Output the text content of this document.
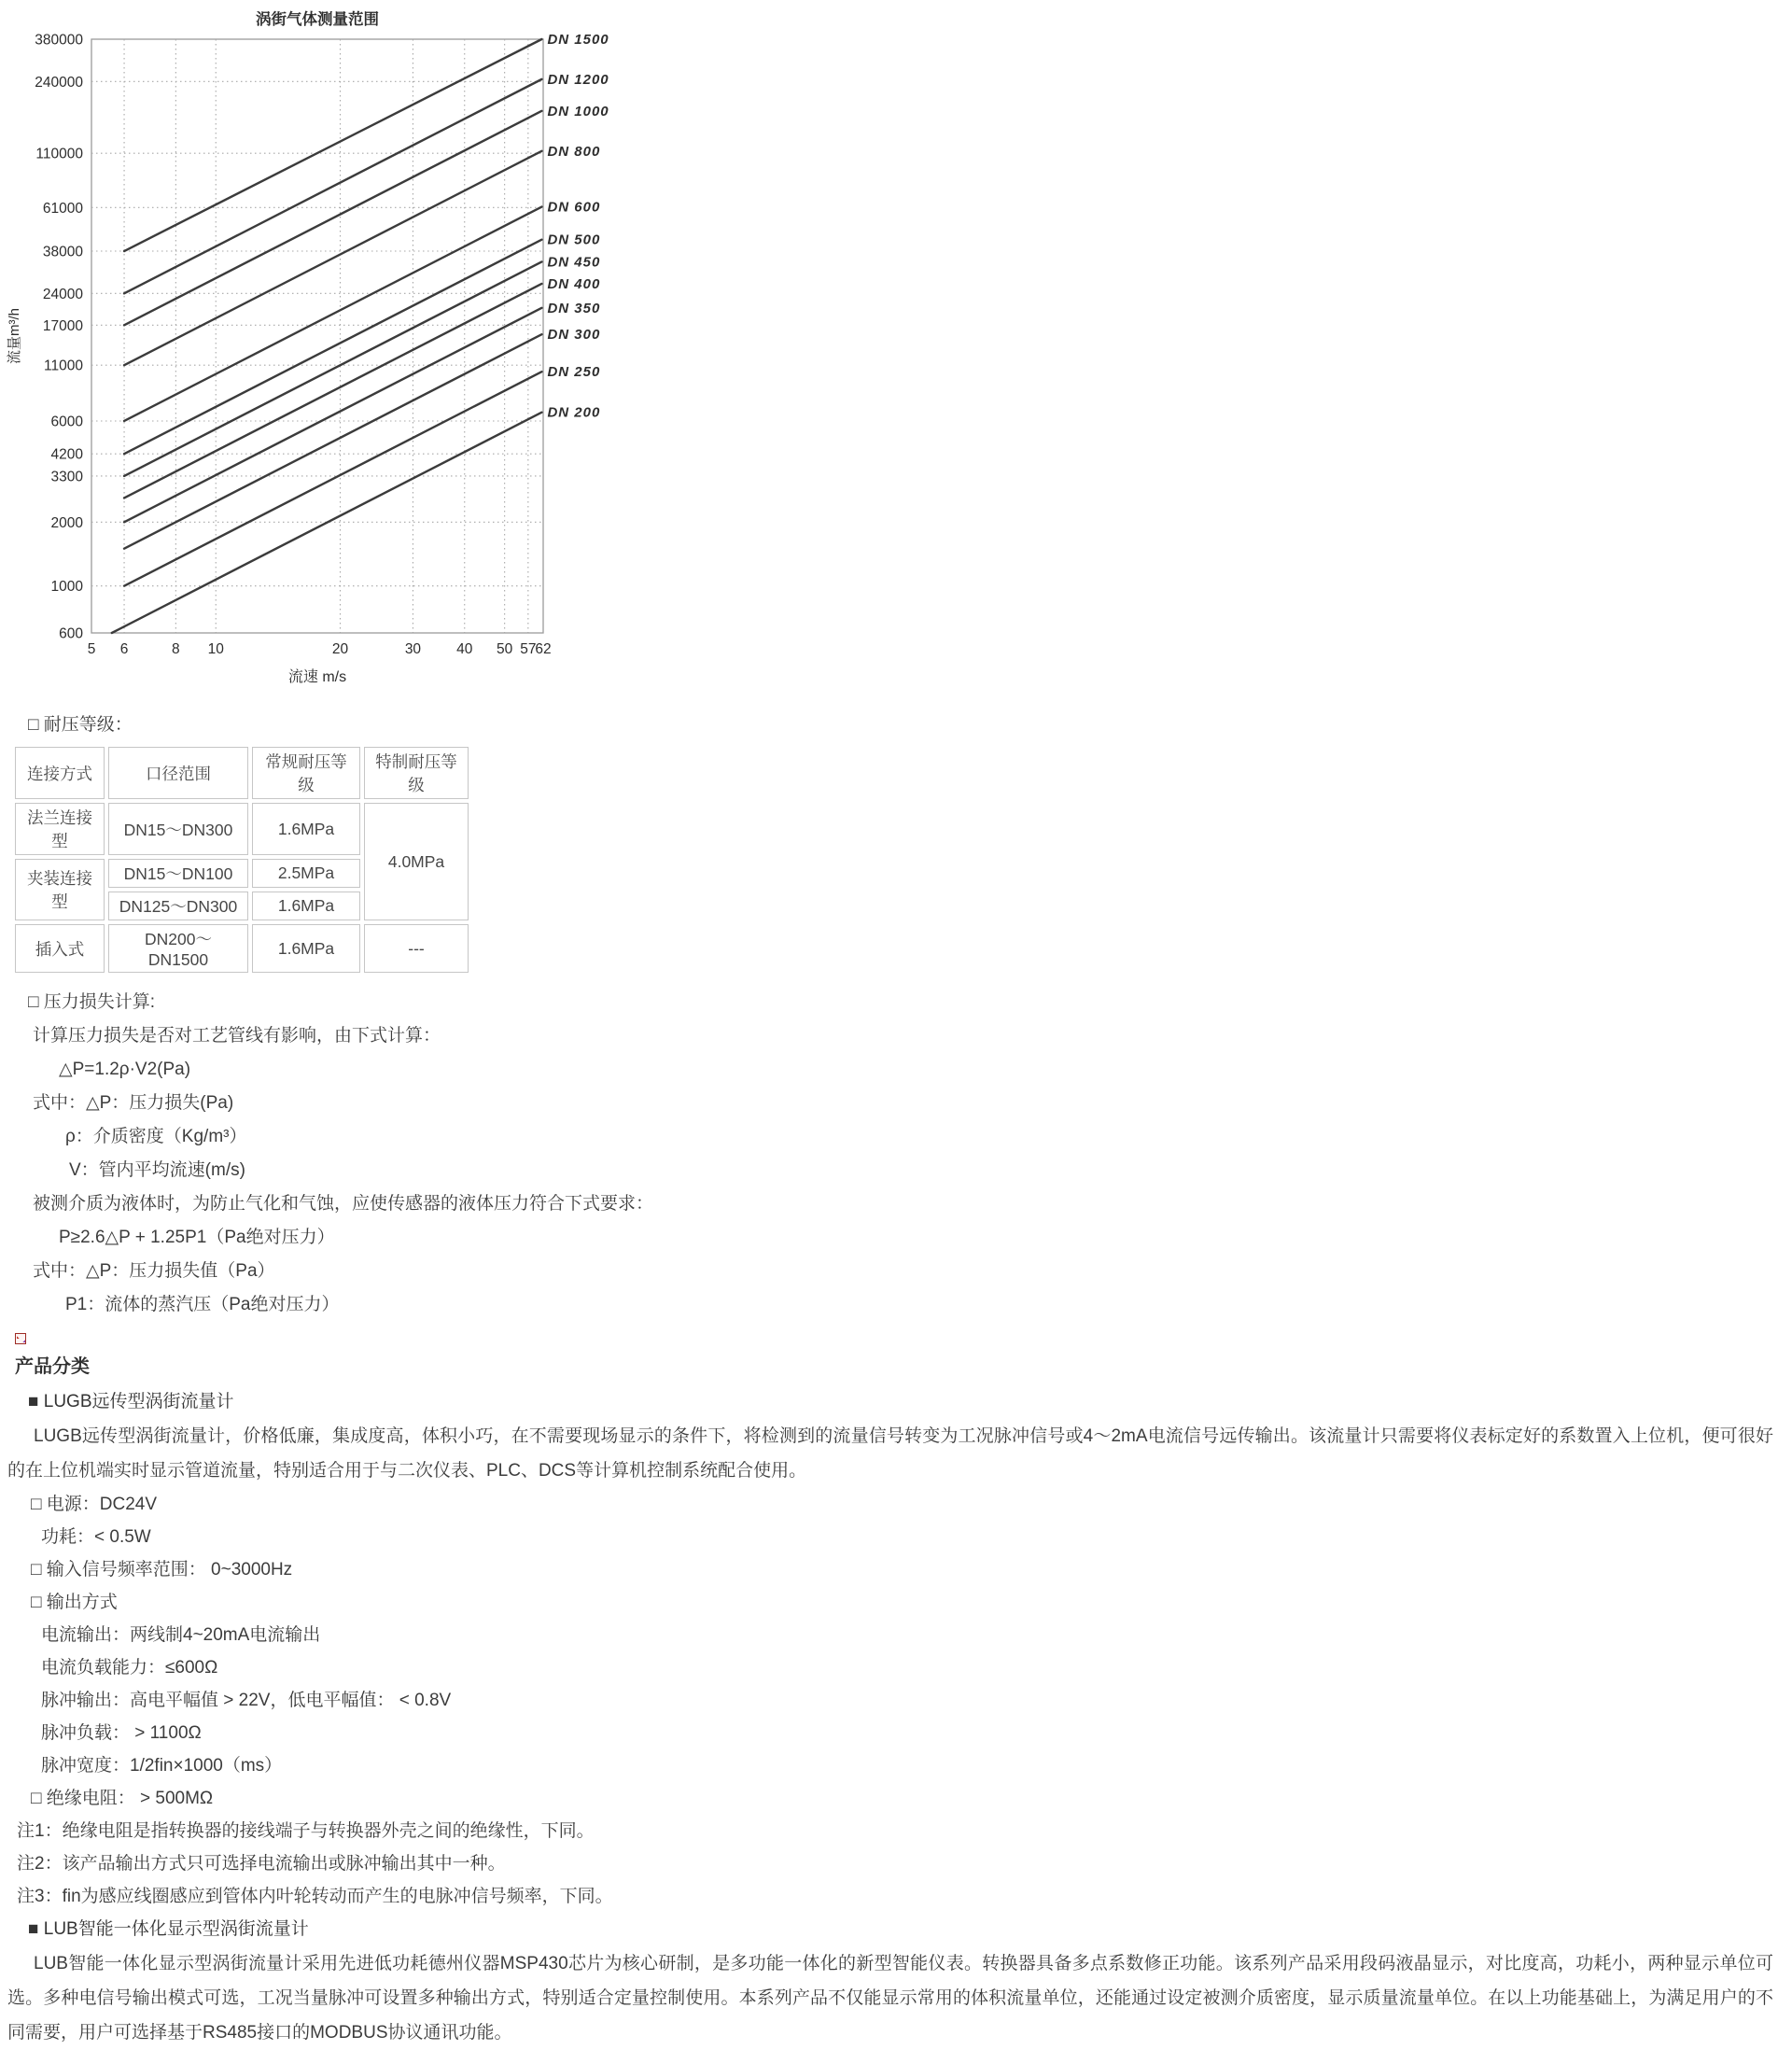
5 6	8 10	20	30 40 50 57
62
380000
240000
110000
61000
38000
24000
17000
11000
6000
4200
3300
2000
1000
600
DN 1500
DN 1200
DN 1000
DN 800
DN 600
DN 500
DN 450
DN 400
DN 350
DN 300
DN 250
DN 200
涡街气体测量范围
流速 m/s
流量m³/h
□ 耐压等级：
连接方式	口径范围	常规耐压等级	特制耐压等级
法兰连接型	DN15～DN300	1.6MPa	4.0MPa
夹装连接型	DN15～DN100	2.5MPa	
	DN125～DN300	1.6MPa	
插入式	DN200～DN1500	1.6MPa	---
□ 压力损失计算:
计算压力损失是否对工艺管线有影响，由下式计算：
△P=1.2ρ·V2(Pa)
式中：△P：压力损失(Pa)
ρ：介质密度（Kg/m³）
V：管内平均流速(m/s)
被测介质为液体时，为防止气化和气蚀，应使传感器的液体压力符合下式要求：
P≥2.6△P + 1.25P1（Pa绝对压力）
式中：△P：压力损失值（Pa）
P1：流体的蒸汽压（Pa绝对压力）
产品分类
■ LUGB远传型涡街流量计
LUGB远传型涡街流量计，价格低廉，集成度高，体积小巧，在不需要现场显示的条件下，将检测到的流量信号转变为工况脉冲信号或4～2mA电流信号远传输出。该流量计只需要将仪表标定好的系数置入上位机，便可很好的在上位机端实时显示管道流量，特别适合用于与二次仪表、PLC、DCS等计算机控制系统配合使用。
□ 电源：DC24V
功耗：< 0.5W
□ 输入信号频率范围： 0~3000Hz
□ 输出方式
电流输出：两线制4~20mA电流输出
电流负载能力：≤600Ω
脉冲输出：高电平幅值 > 22V，低电平幅值： < 0.8V
脉冲负载： > 1100Ω
脉冲宽度：1/2fin×1000（ms）
□ 绝缘电阻： > 500MΩ
注1：绝缘电阻是指转换器的接线端子与转换器外壳之间的绝缘性，下同。
注2：该产品输出方式只可选择电流输出或脉冲输出其中一种。
注3：fin为感应线圈感应到管体内叶轮转动而产生的电脉冲信号频率，下同。
■ LUB智能一体化显示型涡街流量计
LUB智能一体化显示型涡街流量计采用先进低功耗德州仪器MSP430芯片为核心研制，是多功能一体化的新型智能仪表。转换器具备多点系数修正功能。该系列产品采用段码液晶显示，对比度高，功耗小，两种显示单位可选。多种电信号输出模式可选，工况当量脉冲可设置多种输出方式，特别适合定量控制使用。本系列产品不仅能显示常用的体积流量单位，还能通过设定被测介质密度，显示质量流量单位。在以上功能基础上，为满足用户的不同需要，用户可选择基于RS485接口的MODBUS协议通讯功能。
